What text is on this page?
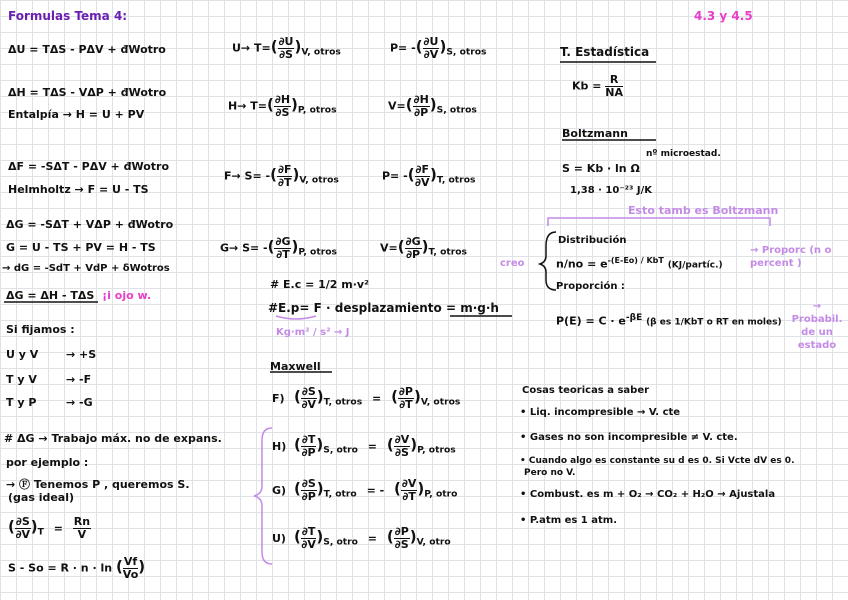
Formulas Tema 4:	4.3 y 4.5
ΔU = TΔS - PΔV + đWotro
ΔH = TΔS - VΔP + đWotro
Entalpía → H = U + PV
ΔF = -SΔT - PΔV + đWotro
Helmholtz → F = U - TS
ΔG = -SΔT + VΔP + đWotro
G = U - TS + PV = H - TS
→ dG = -SdT + VdP + δWotros
ΔG = ΔH - TΔS ¡i ojo w.
Si fijamos :
U y V	→ +S
T y V	→ -F
T y P	→ -G
# ΔG → Trabajo máx. no de expans.
por ejemplo :
→ Ⓕ Tenemos P , queremos S.
(gas ideal)
( $\frac{\partial S}{\partial V} )_T = \frac{Rn}{V}$
S - So = R · n · ln ( $\frac{Vf}{Vo}$ )
$U\to T=( \frac{\partial U}{\partial S} )_{V, otros}$	P= -( $\frac{\partial U}{\partial V} )_{S, otros}$
$H\to T=( \frac{\partial H}{\partial S} )_{P, otros}$	$V=( \frac{\partial H}{\partial P} )_{S, otros}$
F→ S= -( $\frac{\partial F}{\partial T} )_{V, otros}$	P= -( $\frac{\partial F}{\partial V} )_{T, otros}$
G→ S= -( $\frac{\partial G}{\partial T} )_{P, otros}$	$V=( \frac{\partial G}{\partial P} )_{T, otros}$
# E.c = 1/2 m·v²
#E.p= F · desplazamiento = m·g·h
Kg·m² / s² → J
Maxwell
F) ( $\frac{\partial S}{\partial V} )_{T, otros}$ = ( $\frac{\partial P}{\partial T} )_{V, otros}$
H) ( $\frac{\partial T}{\partial P} )_{S, otro}$ = ( $\frac{\partial V}{\partial S} )_{P, otros}$
G) ( $\frac{\partial S}{\partial P} )_{T, otro}$ = - ( $\frac{\partial V}{\partial T} )_{P, otro}$
U) ( $\frac{\partial T}{\partial V} )_{S, otro}$ = ( $\frac{\partial P}{\partial S} )_{V, otro}$
T. Estadística
$Kb = \frac{R}{NA}$
Boltzmann
nº microestad.
S = Kb · ln Ω
1,38 · 10⁻²³ J/K
Esto tamb es Boltzmann
creo
Distribución
$n/no = e^{-(E-Eo) / KbT}$ (KJ/partíc.)
→ Proporc (n o percent )
Proporción :
$P(E) = C \cdot e^{-\beta E}$ (β es 1/KbT o RT en moles)
→ Probabil. de un estado
Cosas teoricas a saber
• Liq. incompresible → V. cte
• Gases no son incompresible ≠ V. cte.
• Cuando algo es constante su d es 0. Si Vcte dV es 0.
Pero no V.
• Combust. es m + O₂ → CO₂ + H₂O → Ajustala
• P.atm es 1 atm.
